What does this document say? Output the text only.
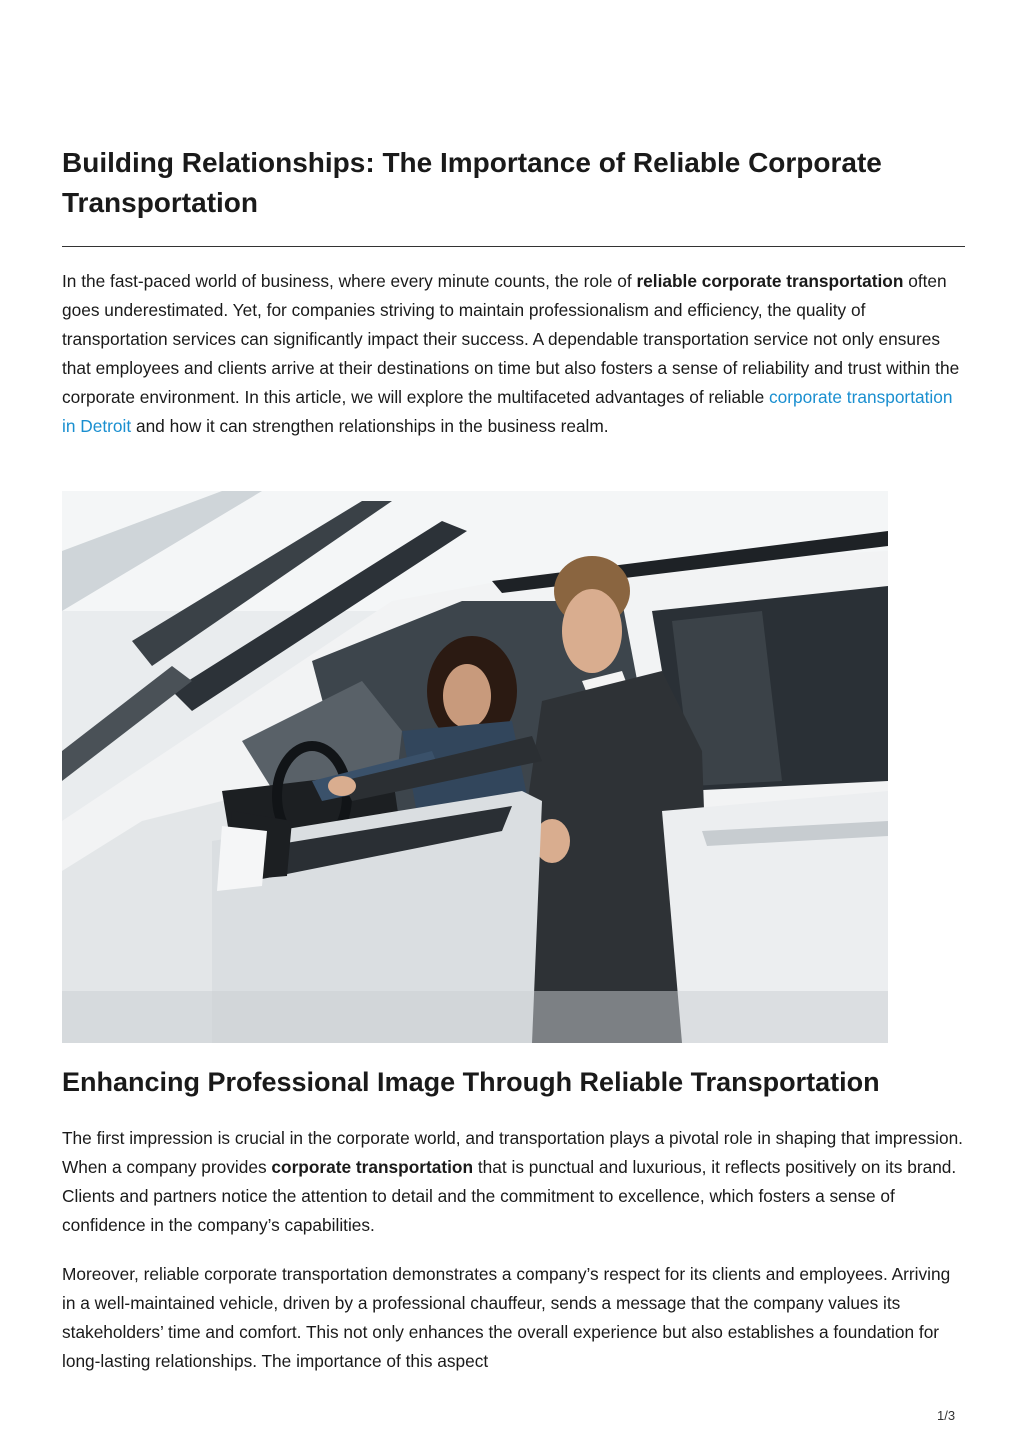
Building Relationships: The Importance of Reliable Corporate Transportation

In the fast-paced world of business, where every minute counts, the role of reliable corporate transportation often goes underestimated. Yet, for companies striving to maintain professionalism and efficiency, the quality of transportation services can significantly impact their success. A dependable transportation service not only ensures that employees and clients arrive at their destinations on time but also fosters a sense of reliability and trust within the corporate environment. In this article, we will explore the multifaceted advantages of reliable corporate transportation in Detroit and how it can strengthen relationships in the business realm.

Enhancing Professional Image Through Reliable Transportation

The first impression is crucial in the corporate world, and transportation plays a pivotal role in shaping that impression. When a company provides corporate transportation that is punctual and luxurious, it reflects positively on its brand. Clients and partners notice the attention to detail and the commitment to excellence, which fosters a sense of confidence in the company’s capabilities.

Moreover, reliable corporate transportation demonstrates a company’s respect for its clients and employees. Arriving in a well-maintained vehicle, driven by a professional chauffeur, sends a message that the company values its stakeholders’ time and comfort. This not only enhances the overall experience but also establishes a foundation for long-lasting relationships. The importance of this aspect

1/3
